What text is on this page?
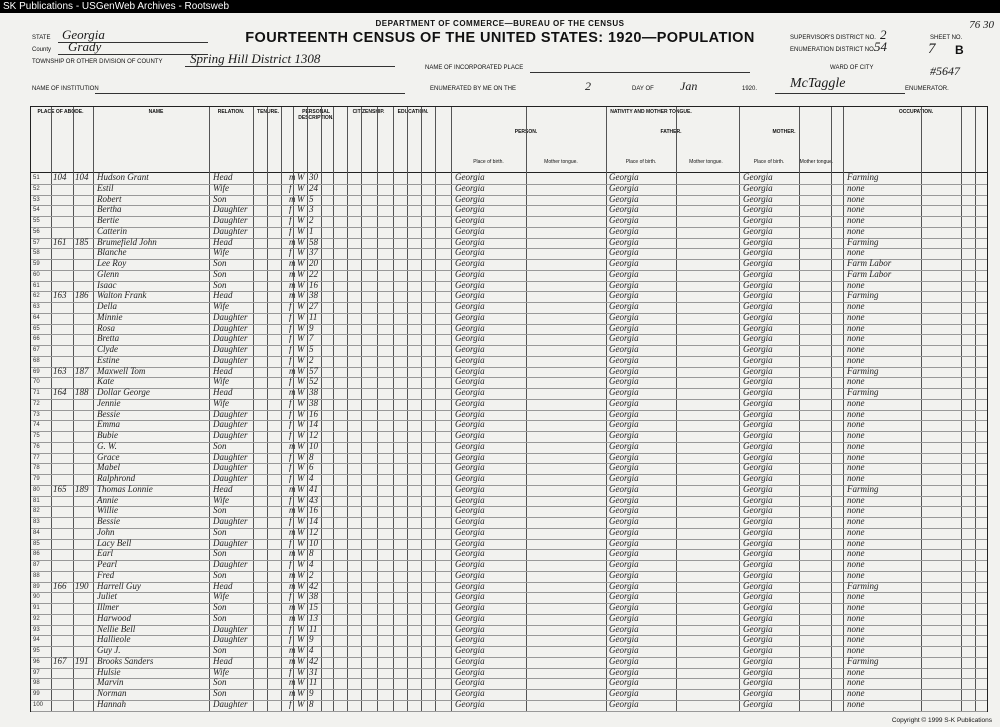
SK Publications - USGenWeb Archives - Rootsweb
DEPARTMENT OF COMMERCE—BUREAU OF THE CENSUS
FOURTEENTH CENSUS OF THE UNITED STATES: 1920—POPULATION
76 30
STATE Georgia
County Grady
TOWNSHIP OR OTHER DIVISION OF COUNTY Spring Hill District 1308
NAME OF INSTITUTION
NAME OF INCORPORATED PLACE
ENUMERATED BY ME ON THE	2	DAY OF Jan	1920. McTaggle	ENUMERATOR.
SUPERVISOR'S DISTRICT NO. 2
ENUMERATION DISTRICT NO.
54
SHEET NO.
7 B
WARD OF CITY	#5647
PLACE OF ABODE.	NAME	RELATION.	TENURE.	PERSONAL DESCRIPTION.
CITIZENSHIP.	EDUCATION.	NATIVITY AND MOTHER TONGUE.
PERSON.	FATHER.	MOTHER.
OCCUPATION.
Place of birth.	Mother tongue.	Place of birth.	Mother tongue.	Place of birth.	Mother tongue.
51 104 104 Hudson Grant	Head	m W 30	Georgia	Georgia	Georgia	Farming
52	Estil	Wife	f W 24	Georgia	Georgia	Georgia	none
53	Robert	Son	m W 5	Georgia	Georgia	Georgia	none
54	Bertha	Daughter	f W 3	Georgia	Georgia	Georgia	none
55	Bertie	Daughter	f W 2	Georgia	Georgia	Georgia	none
56	Catterin	Daughter	f W 1	Georgia	Georgia	Georgia	none
57 161 185 Brumefield John	Head	m W 58	Georgia	Georgia	Georgia	Farming
58	Blanche	Wife	f W 37	Georgia	Georgia	Georgia	none
59	Lee Roy	Son	m W 20	Georgia	Georgia	Georgia	Farm Labor
60	Glenn	Son	m W 22	Georgia	Georgia	Georgia	Farm Labor
61	Isaac	Son	m W 16	Georgia	Georgia	Georgia	none
62 163 186 Walton Frank	Head	m W 38	Georgia	Georgia	Georgia	Farming
63	Della	Wife	f W 27	Georgia	Georgia	Georgia	none
64	Minnie	Daughter	f W 11	Georgia	Georgia	Georgia	none
65	Rosa	Daughter	f W 9	Georgia	Georgia	Georgia	none
66	Bretta	Daughter	f W 7	Georgia	Georgia	Georgia	none
67	Clyde	Daughter	f W 5	Georgia	Georgia	Georgia	none
68	Estine	Daughter	f W 2	Georgia	Georgia	Georgia	none
69 163 187 Maxwell Tom	Head	m W 57	Georgia	Georgia	Georgia	Farming
70	Kate	Wife	f W 52	Georgia	Georgia	Georgia	none
71 164 188 Dollar George	Head	m W 38	Georgia	Georgia	Georgia	Farming
72	Jennie	Wife	f W 38	Georgia	Georgia	Georgia	none
73	Bessie	Daughter	f W 16	Georgia	Georgia	Georgia	none
74	Emma	Daughter	f W 14	Georgia	Georgia	Georgia	none
75	Bubie	Daughter	f W 12	Georgia	Georgia	Georgia	none
76	G. W.	Son	m W 10	Georgia	Georgia	Georgia	none
77	Grace	Daughter	f W 8	Georgia	Georgia	Georgia	none
78	Mabel	Daughter	f W 6	Georgia	Georgia	Georgia	none
79	Ralphrond	Daughter	f W 4	Georgia	Georgia	Georgia	none
80 165 189 Thomas Lonnie	Head	m W 41	Georgia	Georgia	Georgia	Farming
81	Annie	Wife	f W 43	Georgia	Georgia	Georgia	none
82	Willie	Son	m W 16	Georgia	Georgia	Georgia	none
83	Bessie	Daughter	f W 14	Georgia	Georgia	Georgia	none
84	John	Son	m W 12	Georgia	Georgia	Georgia	none
85	Lacy Bell	Daughter	f W 10	Georgia	Georgia	Georgia	none
86	Earl	Son	m W 8	Georgia	Georgia	Georgia	none
87	Pearl	Daughter	f W 4	Georgia	Georgia	Georgia	none
88	Fred	Son	m W 2	Georgia	Georgia	Georgia	none
89 166 190 Harrell Guy	Head	m W 42	Georgia	Georgia	Georgia	Farming
90	Juliet	Wife	f W 38	Georgia	Georgia	Georgia	none
91	Illmer	Son	m W 15	Georgia	Georgia	Georgia	none
92	Harwood	Son	m W 13	Georgia	Georgia	Georgia	none
93	Nellie Bell	Daughter	f W 11	Georgia	Georgia	Georgia	none
94	Hallieole	Daughter	f W 9	Georgia	Georgia	Georgia	none
95	Guy J.	Son	m W 4	Georgia	Georgia	Georgia	none
96 167 191 Brooks Sanders	Head	m W 42	Georgia	Georgia	Georgia	Farming
97	Hulsie	Wife	f W 31	Georgia	Georgia	Georgia	none
98	Marvin	Son	m W 11	Georgia	Georgia	Georgia	none
99	Norman	Son	m W 9	Georgia	Georgia	Georgia	none
100	Hannah	Daughter	f W 8	Georgia	Georgia	Georgia	none
Copyright © 1999 S-K Publications
